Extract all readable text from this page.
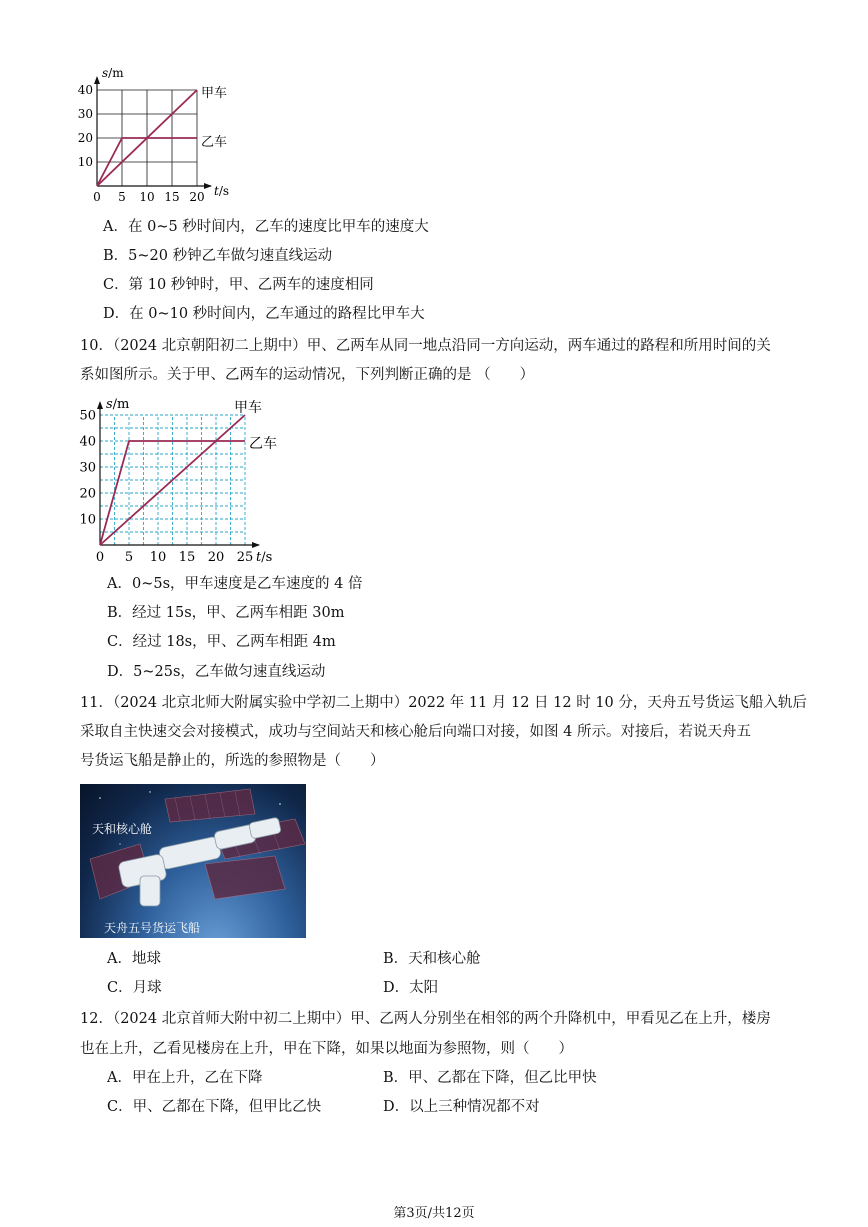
0 5 10 15 20
10
20
30
40
s/m
t/s
甲车
乙车
A．在 0~5 秒时间内，乙车的速度比甲车的速度大
B．5~20 秒钟乙车做匀速直线运动
C．第 10 秒钟时，甲、乙两车的速度相同
D．在 0~10 秒时间内，乙车通过的路程比甲车大
10．（2024 北京朝阳初二上期中）甲、乙两车从同一地点沿同一方向运动，两车通过的路程和所用时间的关
系如图所示。关于甲、乙两车的运动情况，下列判断正确的是 （　　）
0 5 10 15 20 25
10
20
30
40
50
s/m
t/s
甲车
乙车
A．0~5s，甲车速度是乙车速度的 4 倍
B．经过 15s，甲、乙两车相距 30m
C．经过 18s，甲、乙两车相距 4m
D．5~25s，乙车做匀速直线运动
11．（2024 北京北师大附属实验中学初二上期中）2022 年 11 月 12 日 12 时 10 分，天舟五号货运飞船入轨后
采取自主快速交会对接模式，成功与空间站天和核心舱后向端口对接，如图 4 所示。对接后，若说天舟五
号货运飞船是静止的，所选的参照物是（　　）
天和核心舱
天舟五号货运飞船
A．地球	B．天和核心舱
C．月球	D．太阳
12．（2024 北京首师大附中初二上期中）甲、乙两人分别坐在相邻的两个升降机中，甲看见乙在上升，楼房
也在上升，乙看见楼房在上升，甲在下降，如果以地面为参照物，则（　　）
A．甲在上升，乙在下降	B．甲、乙都在下降，但乙比甲快
C．甲、乙都在下降，但甲比乙快	D．以上三种情况都不对
第3页/共12页
